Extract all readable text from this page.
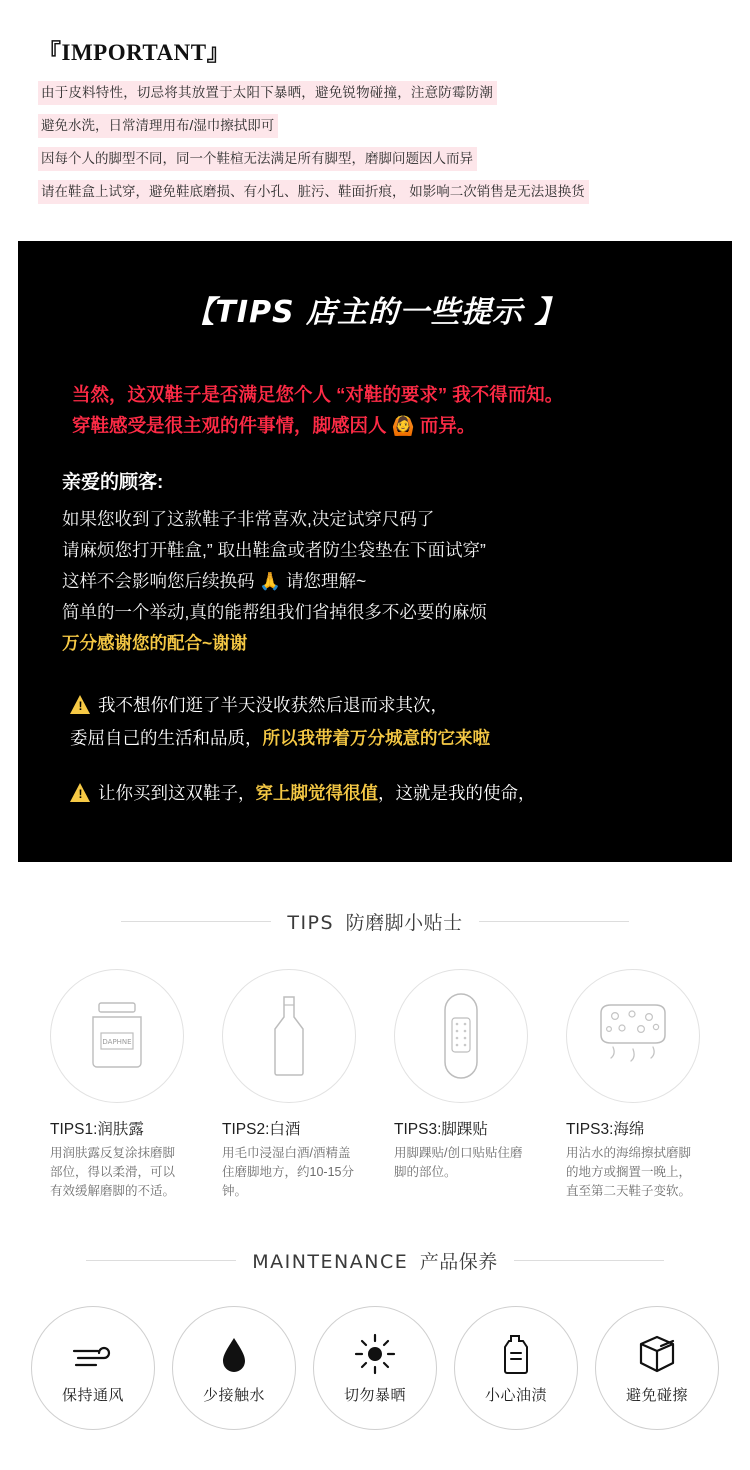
『IMPORTANT』
由于皮料特性，切忌将其放置于太阳下暴晒，避免锐物碰撞，注意防霉防潮
避免水洗，日常清理用布/湿巾擦拭即可
因每个人的脚型不同，同一个鞋楦无法满足所有脚型，磨脚问题因人而异
请在鞋盒上试穿，避免鞋底磨损、有小孔、脏污、鞋面折痕， 如影响二次销售是无法退换货
【TIPS 店主的一些提示 】
当然，这双鞋子是否满足您个人 “对鞋的要求” 我不得而知。
穿鞋感受是很主观的件事情，脚感因人 🙆 而异。
亲爱的顾客:
如果您收到了这款鞋子非常喜欢,决定试穿尺码了
请麻烦您打开鞋盒,” 取出鞋盒或者防尘袋垫在下面试穿”
这样不会影响您后续换码 🙏 请您理解~
简单的一个举动,真的能帮组我们省掉很多不必要的麻烦
万分感谢您的配合~谢谢
!我不想你们逛了半天没收获然后退而求其次，
委屈自己的生活和品质，所以我带着万分城意的它来啦
!让你买到这双鞋子，穿上脚觉得很值，这就是我的使命，
TIPS 防磨脚小贴士
DAPHNE
TIPS1:润肤露
用润肤露反复涂抹磨脚部位，得以柔滑，可以有效缓解磨脚的不适。
TIPS2:白酒
用毛巾浸湿白酒/酒精盖住磨脚地方，约10-15分钟。
TIPS3:脚踝贴
用脚踝贴/创口贴贴住磨脚的部位。
TIPS3:海绵
用沾水的海绵擦拭磨脚的地方或搁置一晚上，直至第二天鞋子变软。
MAINTENANCE 产品保养
保持通风	少接触水	切勿暴晒	小心油渍	避免碰擦
